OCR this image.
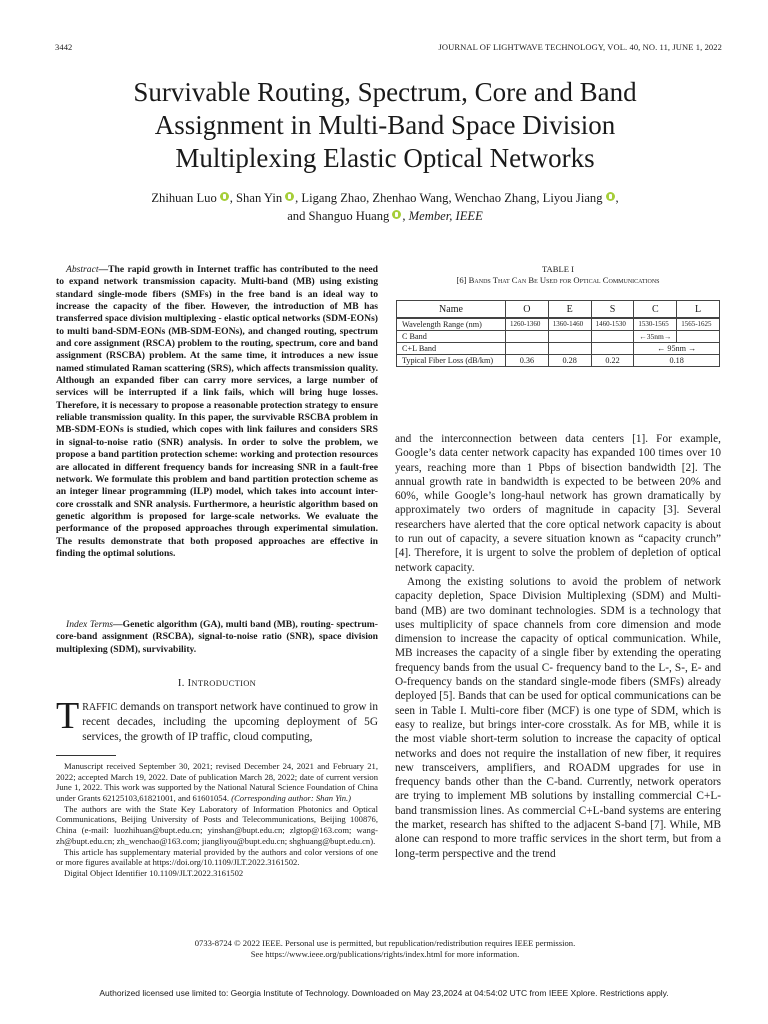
3442	JOURNAL OF LIGHTWAVE TECHNOLOGY, VOL. 40, NO. 11, JUNE 1, 2022
Survivable Routing, Spectrum, Core and Band
Assignment in Multi-Band Space Division
Multiplexing Elastic Optical Networks
Zhihuan Luo , Shan Yin , Ligang Zhao, Zhenhao Wang, Wenchao Zhang, Liyou Jiang ,
and Shanguo Huang , Member, IEEE

Abstract—The rapid growth in Internet traffic has contributed to the need to expand network transmission capacity. Multi-band (MB) using existing standard single-mode fibers (SMFs) in the free band is an ideal way to increase the capacity of the fiber. However, the introduction of MB has transferred space division multiplexing - elastic optical networks (SDM-EONs) to multi band-SDM-EONs (MB-SDM-EONs), and changed routing, spectrum and core assignment (RSCA) problem to the routing, spectrum, core and band assignment (RSCBA) problem. At the same time, it introduces a new issue named stimulated Raman scattering (SRS), which affects transmission quality. Although an expanded fiber can carry more services, a large number of services will be interrupted if a link fails, which will bring huge losses. Therefore, it is necessary to propose a reasonable protection strategy to ensure reliable transmission quality. In this paper, the survivable RSCBA problem in MB-SDM-EONs is studied, which copes with link failures and considers SRS in signal-to-noise ratio (SNR) analysis. In order to solve the problem, we propose a band partition protection scheme: working and protection resources are allocated in different frequency bands for increasing SNR in a fault-free network. We formulate this problem and band partition protection scheme as an integer linear programming (ILP) model, which takes into account inter-core crosstalk and SNR analysis. Furthermore, a heuristic algorithm based on genetic algorithm is proposed for large-scale networks. We evaluate the performance of the proposed approaches through experimental simulation. The results demonstrate that both proposed approaches are effective in finding the optimal solutions.

Index Terms—Genetic algorithm (GA), multi band (MB), routing- spectrum- core-band assignment (RSCBA), signal-to-noise ratio (SNR), space division multiplexing (SDM), survivability.

I. INTRODUCTION

TRAFFIC demands on transport network have continued to grow in recent decades, including the upcoming deployment of 5G services, the growth of IP traffic, cloud computing,

Manuscript received September 30, 2021; revised December 24, 2021 and February 21, 2022; accepted March 19, 2022. Date of publication March 28, 2022; date of current version June 1, 2022. This work was supported by the National Natural Science Foundation of China under Grants 62125103,61821001, and 61601054. (Corresponding author: Shan Yin.)

The authors are with the State Key Laboratory of Information Photonics and Optical Communications, Beijing University of Posts and Telecommunications, Beijing 100876, China (e-mail: luozhihuan@bupt.edu.cn; yinshan@bupt.edu.cn; zlgtop@163.com; wang-zh@bupt.edu.cn; zh_wenchao@163.com; jiangliyou@bupt.edu.cn; shghuang@bupt.edu.cn).

This article has supplementary material provided by the authors and color versions of one or more figures available at https://doi.org/10.1109/JLT.2022.3161502.

Digital Object Identifier 10.1109/JLT.2022.3161502

TABLE I
[6] Bands That Can Be Used for Optical Communications
Name	O	E	S	C	L
Wavelength Range (nm)	1260-1360	1360-1460	1460-1530	1530-1565	1565-1625
C Band				←35nm→	
C+L Band				← 95nm →	
Typical Fiber Loss (dB/km)	0.36	0.28	0.22	0.18	

and the interconnection between data centers [1]. For example, Google’s data center network capacity has expanded 100 times over 10 years, reaching more than 1 Pbps of bisection bandwidth [2]. The annual growth rate in bandwidth is expected to be between 20% and 60%, while Google’s long-haul network has grown dramatically by approximately two orders of magnitude in capacity [3]. Several researchers have alerted that the core optical network capacity is about to run out of capacity, a severe situation known as “capacity crunch” [4]. Therefore, it is urgent to solve the problem of depletion of optical network capacity.

Among the existing solutions to avoid the problem of network capacity depletion, Space Division Multiplexing (SDM) and Multi-band (MB) are two dominant technologies. SDM is a technology that uses multiplicity of space channels from core dimension and mode dimension to increase the capacity of optical communication. While, MB increases the capacity of a single fiber by extending the operating frequency bands from the usual C- frequency band to the L-, S-, E- and O-frequency bands on the standard single-mode fibers (SMFs) already deployed [5]. Bands that can be used for optical communications can be seen in Table I. Multi-core fiber (MCF) is one type of SDM, which is easy to realize, but brings inter-core crosstalk. As for MB, while it is the most viable short-term solution to increase the capacity of optical networks and does not require the installation of new fiber, it requires new transceivers, amplifiers, and ROADM upgrades for use in frequency bands other than the C-band. Currently, network operators are trying to implement MB solutions by installing commercial C+L-band transmission lines. As commercial C+L-band systems are entering the market, research has shifted to the adjacent S-band [7]. While, MB alone can respond to more traffic services in the short term, but from a long-term perspective and the trend

0733-8724 © 2022 IEEE. Personal use is permitted, but republication/redistribution requires IEEE permission.
See https://www.ieee.org/publications/rights/index.html for more information.
Authorized licensed use limited to: Georgia Institute of Technology. Downloaded on May 23,2024 at 04:54:02 UTC from IEEE Xplore. Restrictions apply.
